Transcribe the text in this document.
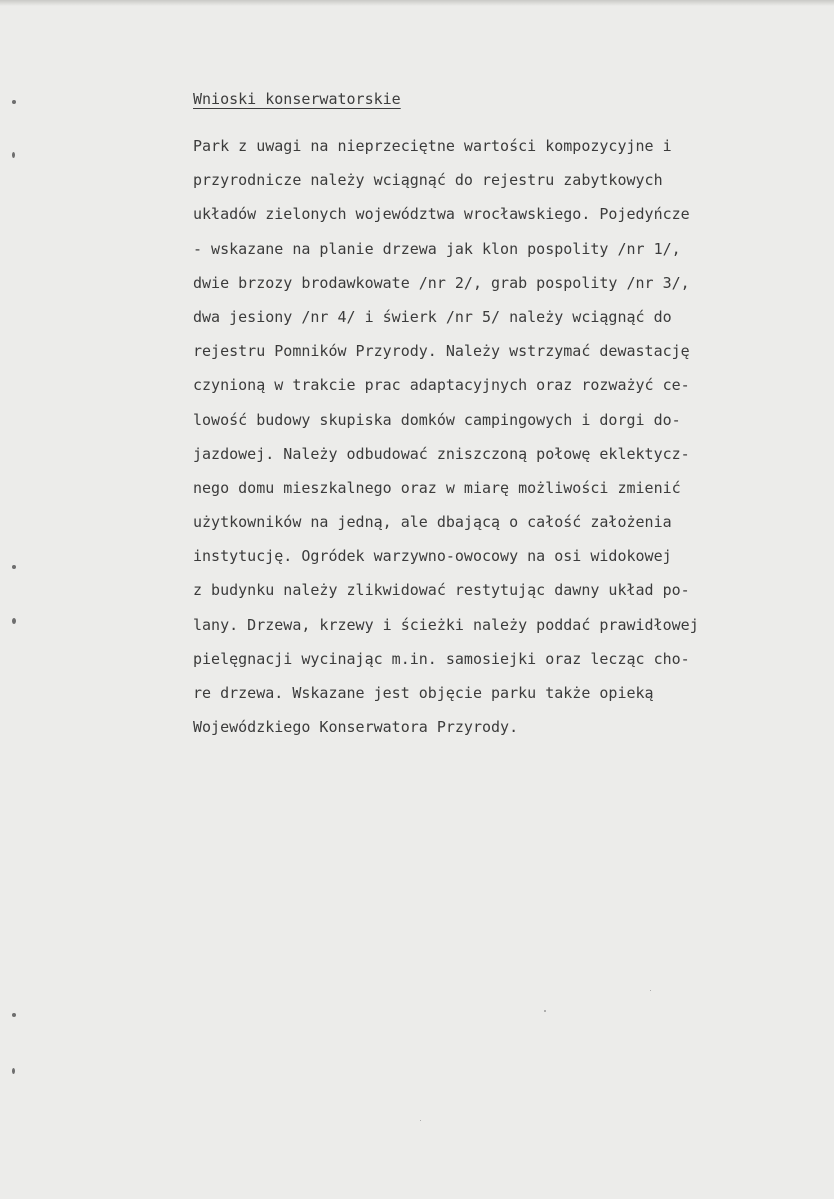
Wnioski konserwatorskie
Park z uwagi na nieprzeciętne wartości kompozycyjne i
przyrodnicze należy wciągnąć do rejestru zabytkowych
układów zielonych województwa wrocławskiego. Pojedyńcze
- wskazane na planie drzewa jak klon pospolity /nr 1/,
dwie brzozy brodawkowate /nr 2/, grab pospolity /nr 3/,
dwa jesiony /nr 4/ i świerk /nr 5/ należy wciągnąć do
rejestru Pomników Przyrody. Należy wstrzymać dewastację
czynioną w trakcie prac adaptacyjnych oraz rozważyć ce-
lowość budowy skupiska domków campingowych i dorgi do-
jazdowej. Należy odbudować zniszczoną połowę eklektycz-
nego domu mieszkalnego oraz w miarę możliwości zmienić
użytkowników na jedną, ale dbającą o całość założenia
instytucję. Ogródek warzywno-owocowy na osi widokowej
z budynku należy zlikwidować restytując dawny układ po-
lany. Drzewa, krzewy i ścieżki należy poddać prawidłowej
pielęgnacji wycinając m.in. samosiejki oraz lecząc cho-
re drzewa. Wskazane jest objęcie parku także opieką
Wojewódzkiego Konserwatora Przyrody.
